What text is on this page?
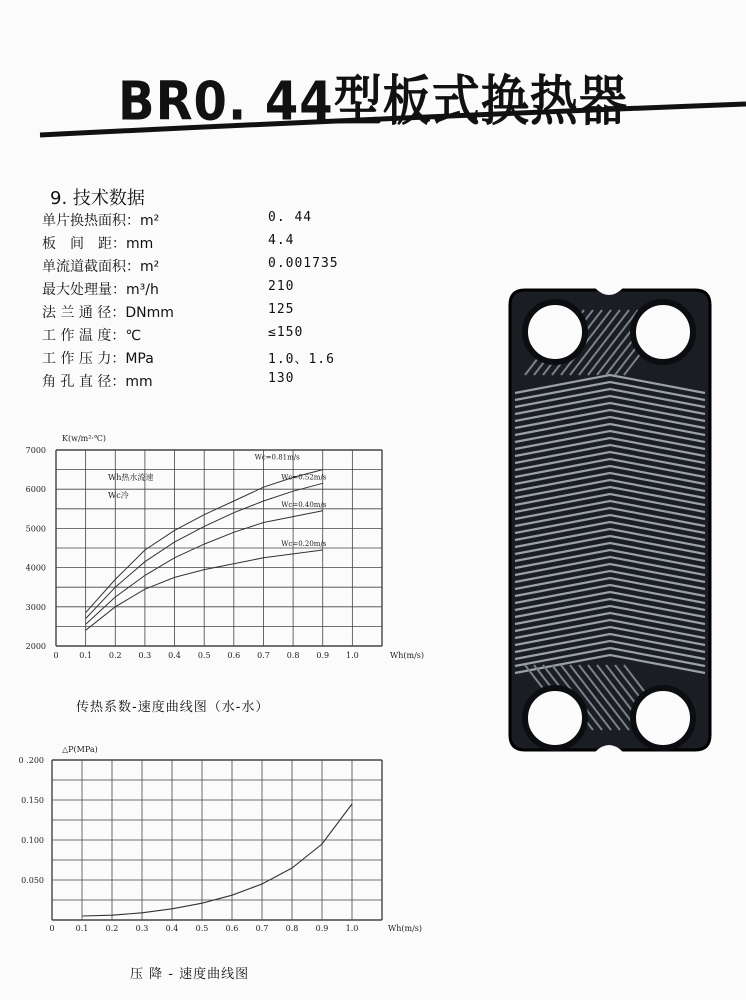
BR0. 44型板式换热器
9. 技术数据
单片换热面积：m²	0. 44
板　间　距：mm	4.4
单流道截面积：m²	0.001735
最大处理量：m³/h	210
法 兰 通 径：DNmm	125
工 作 温 度：℃	≤150
工 作 压 力：MPa	1.0、1.6
角 孔 直 径：mm	130
2000
3000
4000
5000
6000
7000
0	0.1 0.2 0.3 0.4 0.5 0.6 0.7 0.8 0.9 1.0
K(w/m²·℃)
Wh(m/s)
Wh热水流速
Wc冷
Wc=0.81m/s
Wc=0.52m/s
Wc=0.40m/s
Wc=0.20m/s
传热系数-速度曲线图（水-水）
0.050
0.100
0.150
0 .200
0	0.1 0.2 0.3 0.4 0.5 0.6 0.7 0.8 0.9 1.0
△P(MPa)
Wh(m/s)
压 降 - 速度曲线图
